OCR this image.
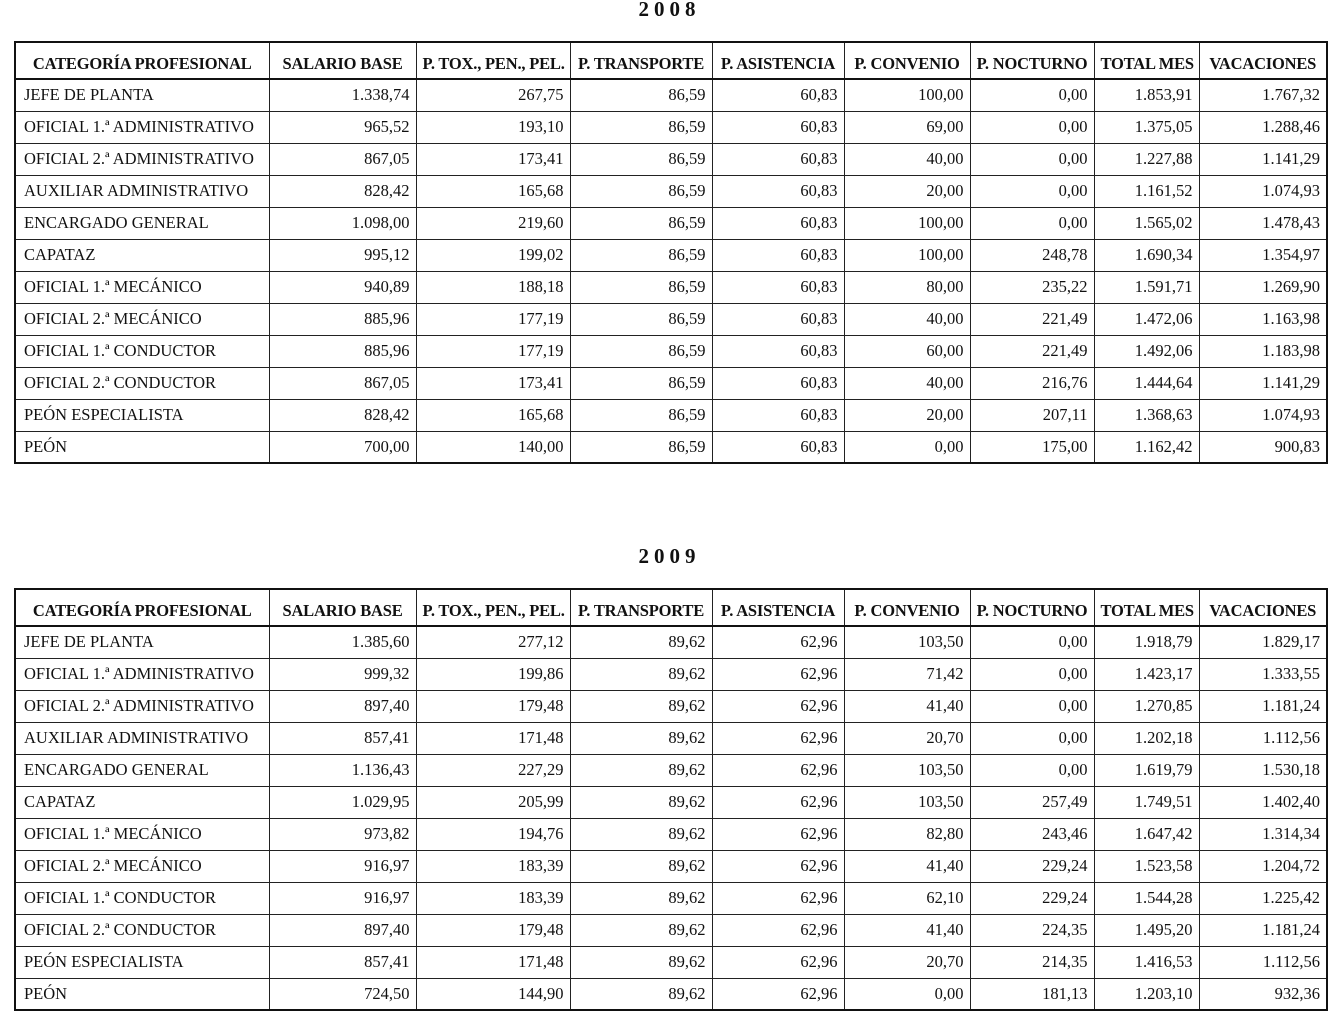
2008
CATEGORÍA PROFESIONAL	SALARIO BASE	P. TOX., PEN., PEL.	P. TRANSPORTE	P. ASISTENCIA	P. CONVENIO	P. NOCTURNO	TOTAL MES	VACACIONES
JEFE DE PLANTA	1.338,74	267,75	86,59	60,83	100,00	0,00	1.853,91	1.767,32
OFICIAL 1.ª ADMINISTRATIVO	965,52	193,10	86,59	60,83	69,00	0,00	1.375,05	1.288,46
OFICIAL 2.ª ADMINISTRATIVO	867,05	173,41	86,59	60,83	40,00	0,00	1.227,88	1.141,29
AUXILIAR ADMINISTRATIVO	828,42	165,68	86,59	60,83	20,00	0,00	1.161,52	1.074,93
ENCARGADO GENERAL	1.098,00	219,60	86,59	60,83	100,00	0,00	1.565,02	1.478,43
CAPATAZ	995,12	199,02	86,59	60,83	100,00	248,78	1.690,34	1.354,97
OFICIAL 1.ª MECÁNICO	940,89	188,18	86,59	60,83	80,00	235,22	1.591,71	1.269,90
OFICIAL 2.ª MECÁNICO	885,96	177,19	86,59	60,83	40,00	221,49	1.472,06	1.163,98
OFICIAL 1.ª CONDUCTOR	885,96	177,19	86,59	60,83	60,00	221,49	1.492,06	1.183,98
OFICIAL 2.ª CONDUCTOR	867,05	173,41	86,59	60,83	40,00	216,76	1.444,64	1.141,29
PEÓN ESPECIALISTA	828,42	165,68	86,59	60,83	20,00	207,11	1.368,63	1.074,93
PEÓN	700,00	140,00	86,59	60,83	0,00	175,00	1.162,42	900,83
2009
CATEGORÍA PROFESIONAL	SALARIO BASE	P. TOX., PEN., PEL.	P. TRANSPORTE	P. ASISTENCIA	P. CONVENIO	P. NOCTURNO	TOTAL MES	VACACIONES
JEFE DE PLANTA	1.385,60	277,12	89,62	62,96	103,50	0,00	1.918,79	1.829,17
OFICIAL 1.ª ADMINISTRATIVO	999,32	199,86	89,62	62,96	71,42	0,00	1.423,17	1.333,55
OFICIAL 2.ª ADMINISTRATIVO	897,40	179,48	89,62	62,96	41,40	0,00	1.270,85	1.181,24
AUXILIAR ADMINISTRATIVO	857,41	171,48	89,62	62,96	20,70	0,00	1.202,18	1.112,56
ENCARGADO GENERAL	1.136,43	227,29	89,62	62,96	103,50	0,00	1.619,79	1.530,18
CAPATAZ	1.029,95	205,99	89,62	62,96	103,50	257,49	1.749,51	1.402,40
OFICIAL 1.ª MECÁNICO	973,82	194,76	89,62	62,96	82,80	243,46	1.647,42	1.314,34
OFICIAL 2.ª MECÁNICO	916,97	183,39	89,62	62,96	41,40	229,24	1.523,58	1.204,72
OFICIAL 1.ª CONDUCTOR	916,97	183,39	89,62	62,96	62,10	229,24	1.544,28	1.225,42
OFICIAL 2.ª CONDUCTOR	897,40	179,48	89,62	62,96	41,40	224,35	1.495,20	1.181,24
PEÓN ESPECIALISTA	857,41	171,48	89,62	62,96	20,70	214,35	1.416,53	1.112,56
PEÓN	724,50	144,90	89,62	62,96	0,00	181,13	1.203,10	932,36
